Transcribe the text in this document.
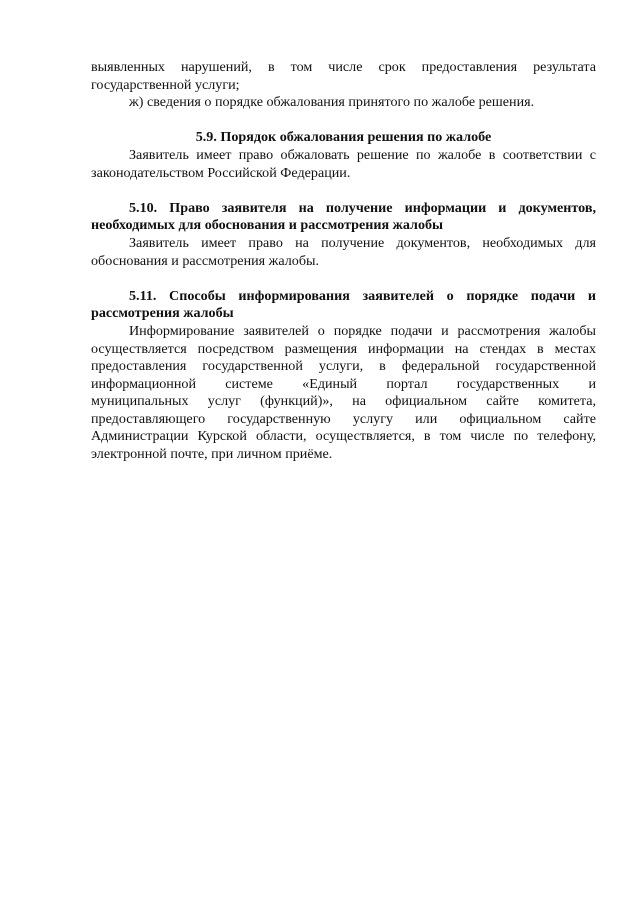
выявленных нарушений, в том числе срок предоставления результата
государственной услуги;
ж) сведения о порядке обжалования принятого по жалобе решения.
5.9. Порядок обжалования решения по жалобе
Заявитель имеет право обжаловать решение по жалобе в соответствии с
законодательством Российской Федерации.
5.10. Право заявителя на получение информации и документов,
необходимых для обоснования и рассмотрения жалобы
Заявитель имеет право на получение документов, необходимых для
обоснования и рассмотрения жалобы.
5.11. Способы информирования заявителей о порядке подачи и
рассмотрения жалобы
Информирование заявителей о порядке подачи и рассмотрения жалобы
осуществляется посредством размещения информации на стендах в местах
предоставления государственной услуги, в федеральной государственной
информационной системе «Единый портал государственных и
муниципальных услуг (функций)», на официальном сайте комитета,
предоставляющего государственную услугу или официальном сайте
Администрации Курской области, осуществляется, в том числе по телефону,
электронной почте, при личном приёме.
